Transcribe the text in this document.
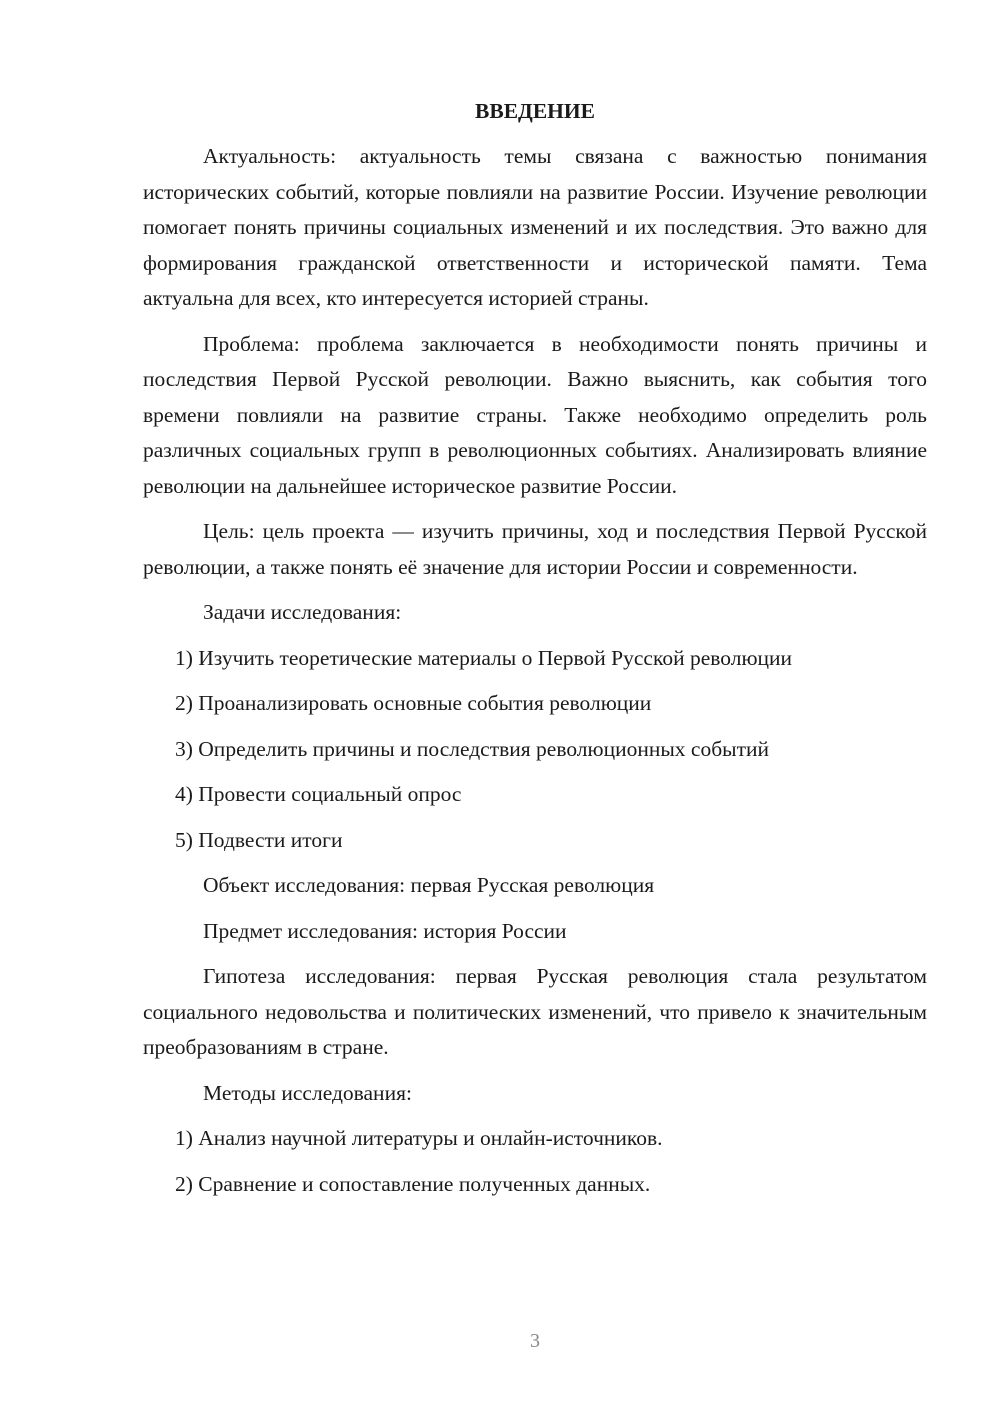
ВВЕДЕНИЕ

Актуальность: актуальность темы связана с важностью понимания исторических событий, которые повлияли на развитие России. Изучение революции помогает понять причины социальных изменений и их последствия. Это важно для формирования гражданской ответственности и исторической памяти. Тема актуальна для всех, кто интересуется историей страны.

Проблема: проблема заключается в необходимости понять причины и последствия Первой Русской революции. Важно выяснить, как события того времени повлияли на развитие страны. Также необходимо определить роль различных социальных групп в революционных событиях. Анализировать влияние революции на дальнейшее историческое развитие России.

Цель: цель проекта — изучить причины, ход и последствия Первой Русской революции, а также понять её значение для истории России и современности.

Задачи исследования:
1) Изучить теоретические материалы о Первой Русской революции
2) Проанализировать основные события революции
3) Определить причины и последствия революционных событий
4) Провести социальный опрос
5) Подвести итоги
Объект исследования: первая Русская революция
Предмет исследования: история России

Гипотеза исследования: первая Русская революция стала результатом социального недовольства и политических изменений, что привело к значительным преобразованиям в стране.

Методы исследования:
1) Анализ научной литературы и онлайн-источников.
2) Сравнение и сопоставление полученных данных.
3
